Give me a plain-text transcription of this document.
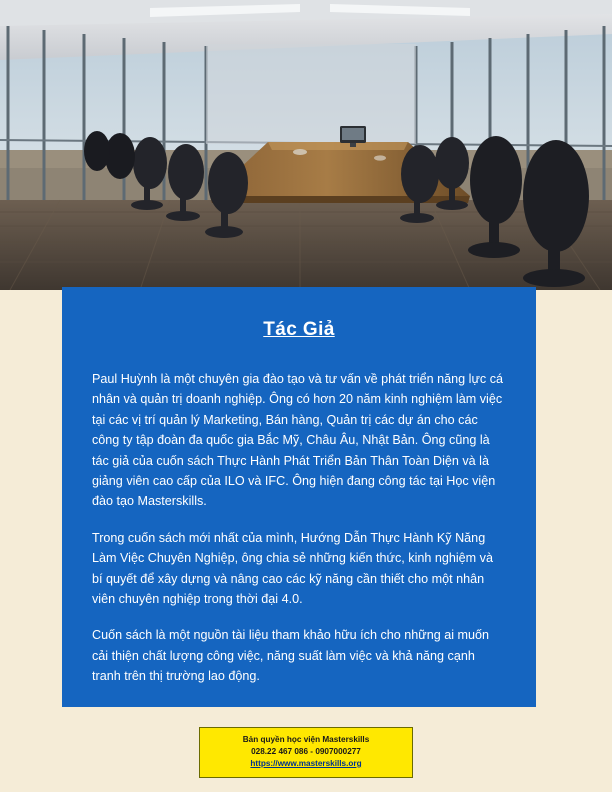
Tác Giả

Paul Huỳnh là một chuyên gia đào tạo và tư vấn về phát triển năng lực cá nhân và quản trị doanh nghiệp. Ông có hơn 20 năm kinh nghiệm làm việc tại các vị trí quản lý Marketing, Bán hàng, Quản trị các dự án cho các công ty tập đoàn đa quốc gia Bắc Mỹ, Châu Âu, Nhật Bản. Ông cũng là tác giả của cuốn sách Thực Hành Phát Triển Bản Thân Toàn Diện và là giảng viên cao cấp của ILO và IFC. Ông hiện đang công tác tại Học viện đào tạo Masterskills.

Trong cuốn sách mới nhất của mình, Hướng Dẫn Thực Hành Kỹ Năng Làm Việc Chuyên Nghiệp, ông chia sẻ những kiến thức, kinh nghiệm và bí quyết để xây dựng và nâng cao các kỹ năng cần thiết cho một nhân viên chuyên nghiệp trong thời đại 4.0.

Cuốn sách là một nguồn tài liệu tham khảo hữu ích cho những ai muốn cải thiện chất lượng công việc, năng suất làm việc và khả năng cạnh tranh trên thị trường lao động.

Bản quyền học viện Masterskills
028.22 467 086 - 0907000277
https://www.masterskills.org
